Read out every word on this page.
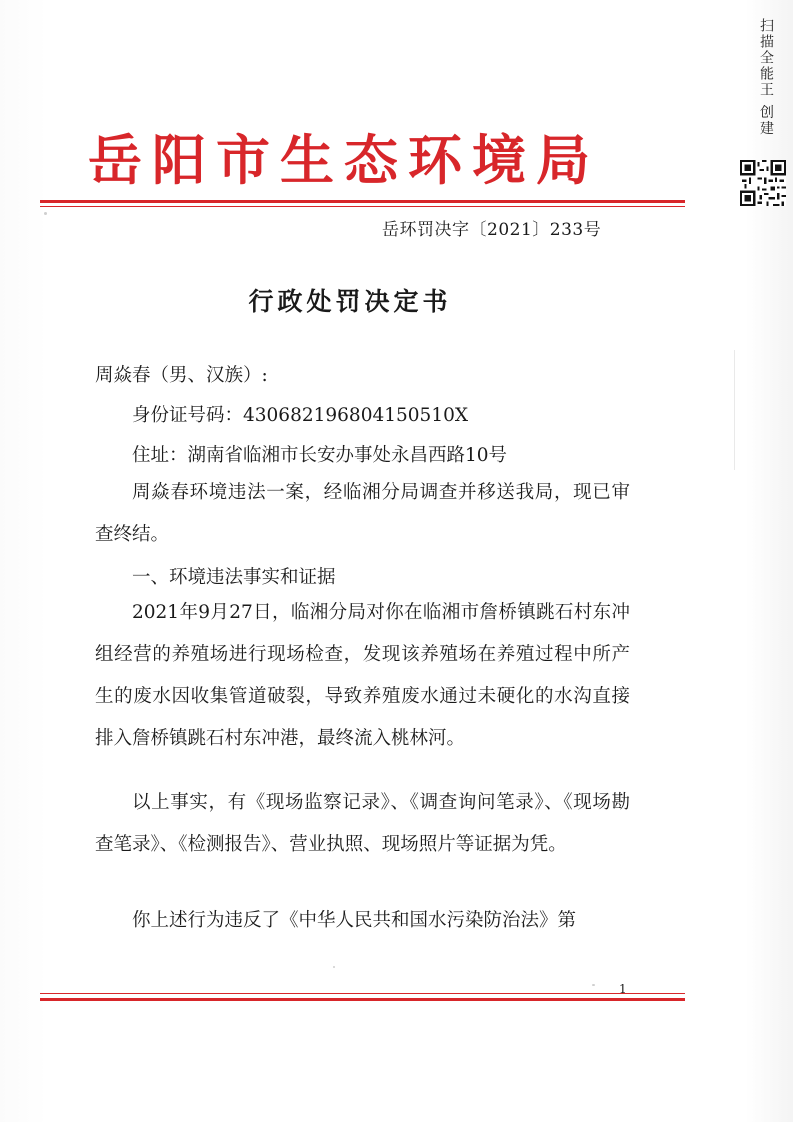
岳阳市生态环境局
岳环罚决字〔2021〕233号
行政处罚决定书
周焱春（男、汉族）:
身份证号码：430682196804150510X
住址：湖南省临湘市长安办事处永昌西路10号
周焱春环境违法一案，经临湘分局调查并移送我局，现已审查终结。
一、环境违法事实和证据
2021年9月27日，临湘分局对你在临湘市詹桥镇跳石村东冲组经营的养殖场进行现场检查，发现该养殖场在养殖过程中所产生的废水因收集管道破裂，导致养殖废水通过未硬化的水沟直接排入詹桥镇跳石村东冲港，最终流入桃林河。
以上事实，有《现场监察记录》、《调查询问笔录》、《现场勘查笔录》、《检测报告》、营业执照、现场照片等证据为凭。
你上述行为违反了《中华人民共和国水污染防治法》第
1
扫描全能王 创建
